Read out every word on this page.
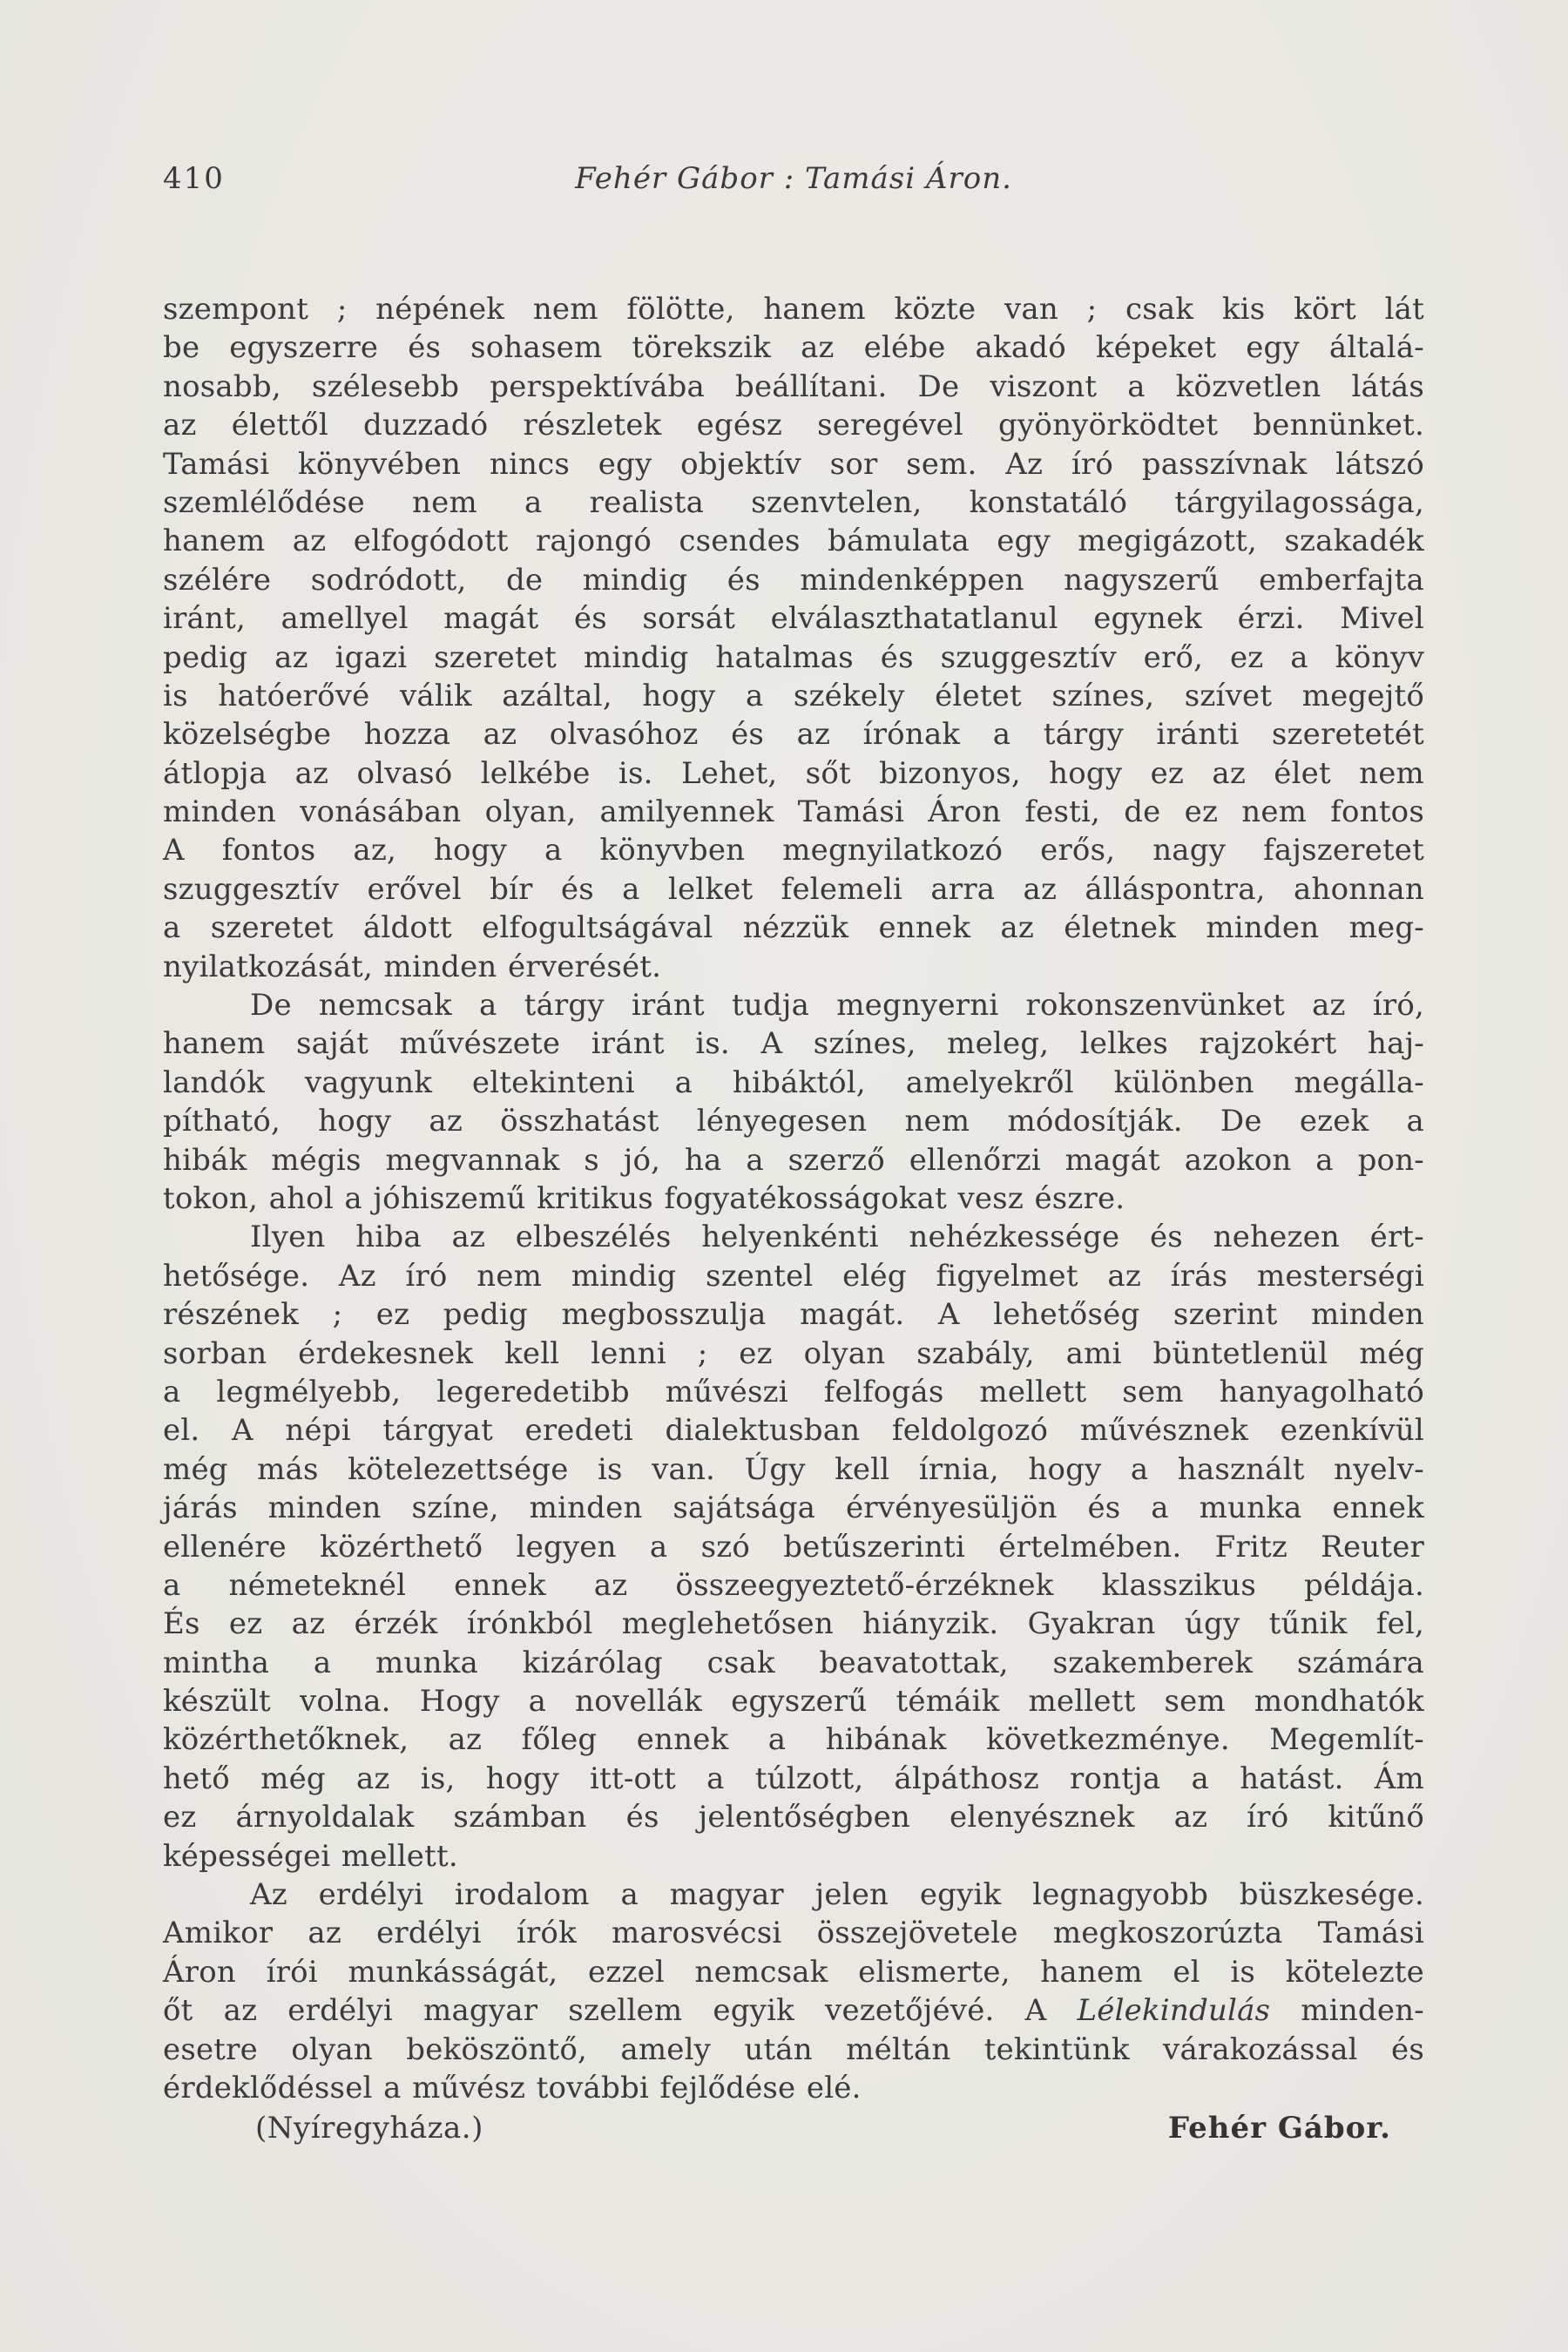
410	Fehér Gábor : Tamási Áron.

szempont ; népének nem fölötte, hanem közte van ; csak kis kört lát
be egyszerre és sohasem törekszik az elébe akadó képeket egy általá-
nosabb, szélesebb perspektívába beállítani. De viszont a közvetlen látás
az élettől duzzadó részletek egész seregével gyönyörködtet bennünket.
Tamási könyvében nincs egy objektív sor sem. Az író passzívnak látszó
szemlélődése nem a realista szenvtelen, konstatáló tárgyilagossága,
hanem az elfogódott rajongó csendes bámulata egy megigázott, szakadék
szélére sodródott, de mindig és mindenképpen nagyszerű emberfajta
iránt, amellyel magát és sorsát elválaszthatatlanul egynek érzi. Mivel
pedig az igazi szeretet mindig hatalmas és szuggesztív erő, ez a könyv
is hatóerővé válik azáltal, hogy a székely életet színes, szívet megejtő
közelségbe hozza az olvasóhoz és az írónak a tárgy iránti szeretetét
átlopja az olvasó lelkébe is. Lehet, sőt bizonyos, hogy ez az élet nem
minden vonásában olyan, amilyennek Tamási Áron festi, de ez nem fontos
A fontos az, hogy a könyvben megnyilatkozó erős, nagy fajszeretet
szuggesztív erővel bír és a lelket felemeli arra az álláspontra, ahonnan
a szeretet áldott elfogultságával nézzük ennek az életnek minden meg-
nyilatkozását, minden érverését.

De nemcsak a tárgy iránt tudja megnyerni rokonszenvünket az író,
hanem saját művészete iránt is. A színes, meleg, lelkes rajzokért haj-
landók vagyunk eltekinteni a hibáktól, amelyekről különben megálla-
pítható, hogy az összhatást lényegesen nem módosítják. De ezek a
hibák mégis megvannak s jó, ha a szerző ellenőrzi magát azokon a pon-
tokon, ahol a jóhiszemű kritikus fogyatékosságokat vesz észre.

Ilyen hiba az elbeszélés helyenkénti nehézkessége és nehezen ért-
hetősége. Az író nem mindig szentel elég figyelmet az írás mesterségi
részének ; ez pedig megbosszulja magát. A lehetőség szerint minden
sorban érdekesnek kell lenni ; ez olyan szabály, ami büntetlenül még
a legmélyebb, legeredetibb művészi felfogás mellett sem hanyagolható
el. A népi tárgyat eredeti dialektusban feldolgozó művésznek ezenkívül
még más kötelezettsége is van. Úgy kell írnia, hogy a használt nyelv-
járás minden színe, minden sajátsága érvényesüljön és a munka ennek
ellenére közérthető legyen a szó betűszerinti értelmében. Fritz Reuter
a németeknél ennek az összeegyeztető-érzéknek klasszikus példája.
És ez az érzék írónkból meglehetősen hiányzik. Gyakran úgy tűnik fel,
mintha a munka kizárólag csak beavatottak, szakemberek számára
készült volna. Hogy a novellák egyszerű témáik mellett sem mondhatók
közérthetőknek, az főleg ennek a hibának következménye. Megemlít-
hető még az is, hogy itt-ott a túlzott, álpáthosz rontja a hatást. Ám
ez árnyoldalak számban és jelentőségben elenyésznek az író kitűnő
képességei mellett.

Az erdélyi irodalom a magyar jelen egyik legnagyobb büszkesége.
Amikor az erdélyi írók marosvécsi összejövetele megkoszorúzta Tamási
Áron írói munkásságát, ezzel nemcsak elismerte, hanem el is kötelezte
őt az erdélyi magyar szellem egyik vezetőjévé. A Lélekindulás minden-
esetre olyan beköszöntő, amely után méltán tekintünk várakozással és
érdeklődéssel a művész további fejlődése elé.

(Nyíregyháza.)	Fehér Gábor.
